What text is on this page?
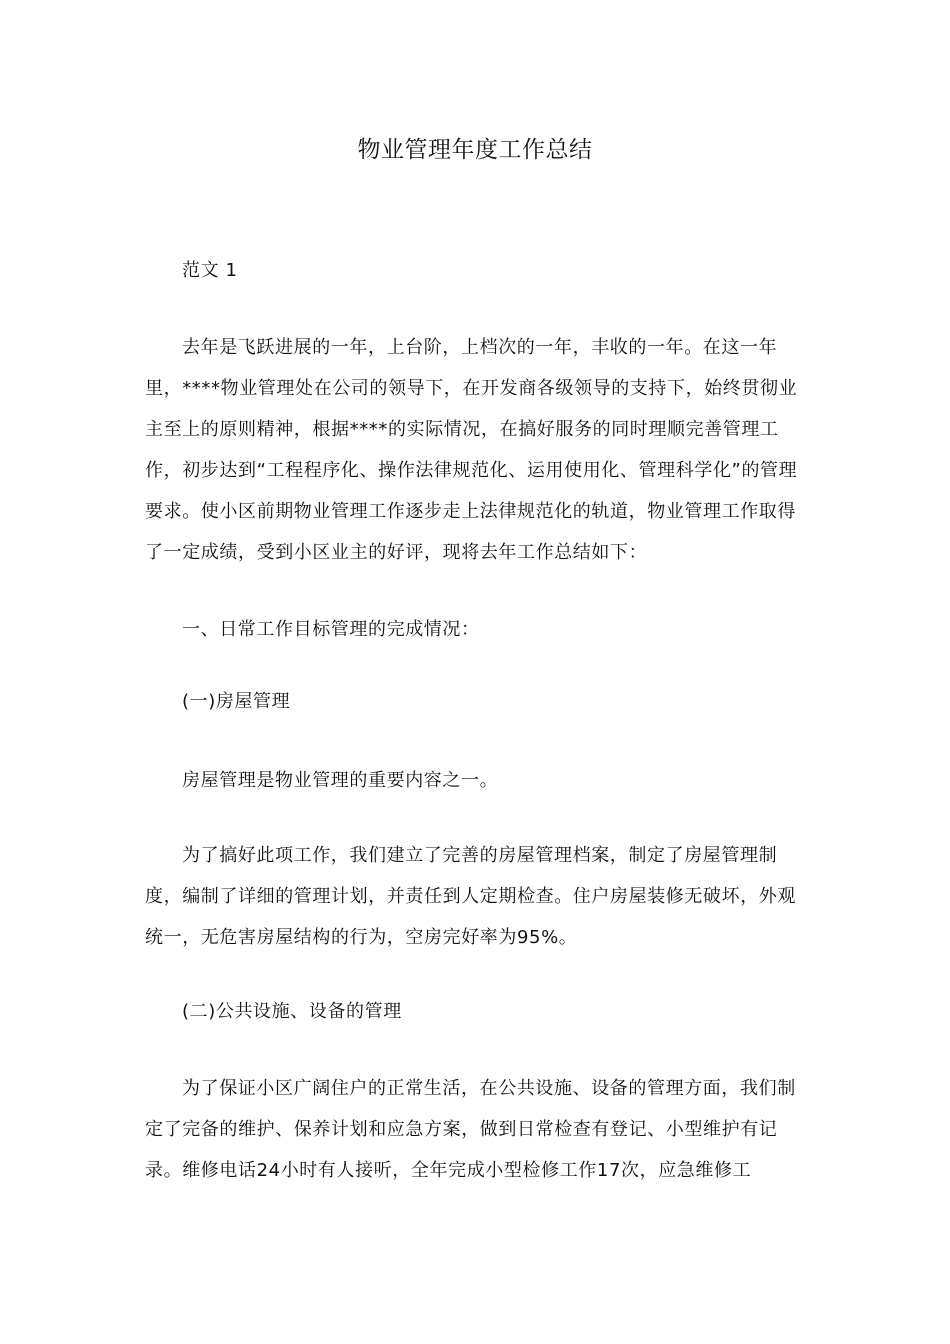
物业管理年度工作总结

范文 1

去年是飞跃进展的一年，上台阶，上档次的一年，丰收的一年。在这一年里，****物业管理处在公司的领导下，在开发商各级领导的支持下，始终贯彻业主至上的原则精神，根据****的实际情况，在搞好服务的同时理顺完善管理工作，初步达到“工程程序化、操作法律规范化、运用使用化、管理科学化”的管理要求。使小区前期物业管理工作逐步走上法律规范化的轨道，物业管理工作取得了一定成绩，受到小区业主的好评，现将去年工作总结如下：

一、日常工作目标管理的完成情况：

(一)房屋管理

房屋管理是物业管理的重要内容之一。

为了搞好此项工作，我们建立了完善的房屋管理档案，制定了房屋管理制度，编制了详细的管理计划，并责任到人定期检查。住户房屋装修无破坏，外观统一，无危害房屋结构的行为，空房完好率为95%。

(二)公共设施、设备的管理

为了保证小区广阔住户的正常生活，在公共设施、设备的管理方面，我们制定了完备的维护、保养计划和应急方案，做到日常检查有登记、小型维护有记录。维修电话24小时有人接听，全年完成小型检修工作17次，应急维修工
